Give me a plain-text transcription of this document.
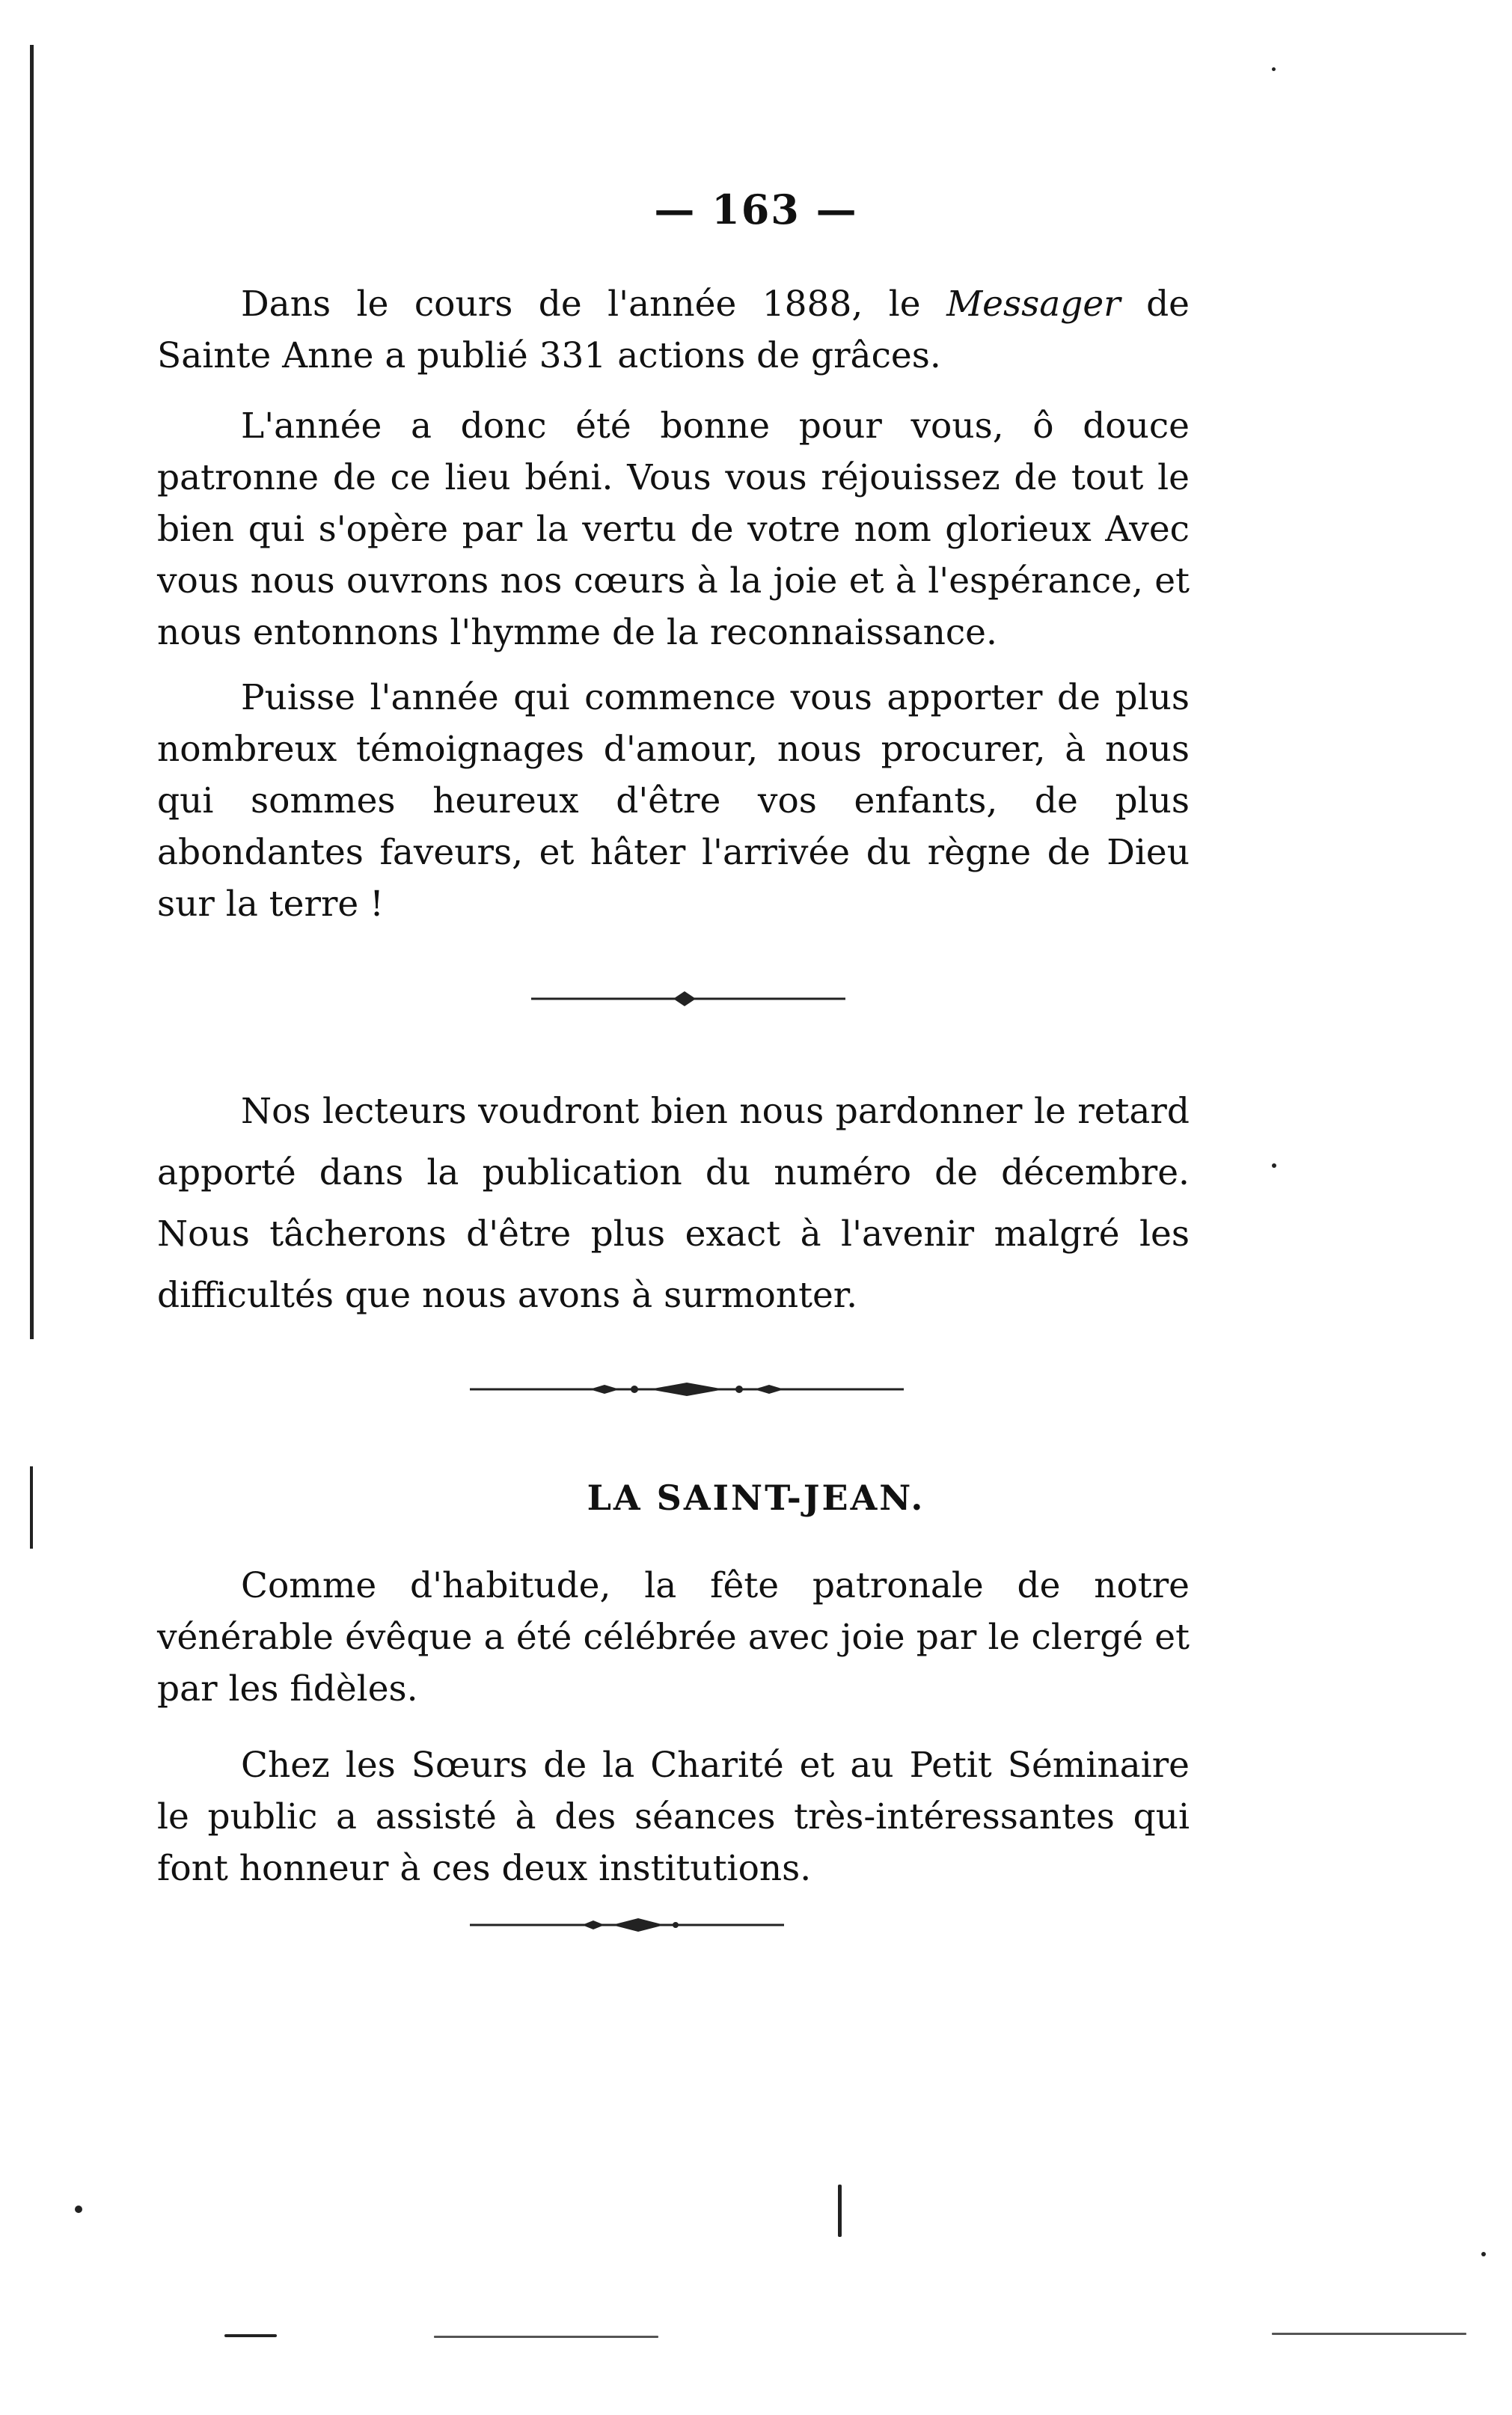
— 163 —
Dans le cours de l'année 1888, le Messager de Sainte Anne a publié 331 actions de grâces.
L'année a donc été bonne pour vous, ô douce patronne de ce lieu béni. Vous vous réjouissez de tout le bien qui s'opère par la vertu de votre nom glorieux Avec vous nous ouvrons nos cœurs à la joie et à l'espérance, et nous entonnons l'hymme de la reconnaissance.
Puisse l'année qui commence vous apporter de plus nombreux témoignages d'amour, nous procurer, à nous qui sommes heureux d'être vos enfants, de plus abondantes faveurs, et hâter l'arrivée du règne de Dieu sur la terre !
Nos lecteurs voudront bien nous pardonner le retard apporté dans la publication du numéro de décembre. Nous tâcherons d'être plus exact à l'avenir malgré les difficultés que nous avons à surmonter.
LA SAINT-JEAN.
Comme d'habitude, la fête patronale de notre vénérable évêque a été célébrée avec joie par le clergé et par les fidèles.
Chez les Sœurs de la Charité et au Petit Séminaire le public a assisté à des séances très-intéressantes qui font honneur à ces deux institutions.
